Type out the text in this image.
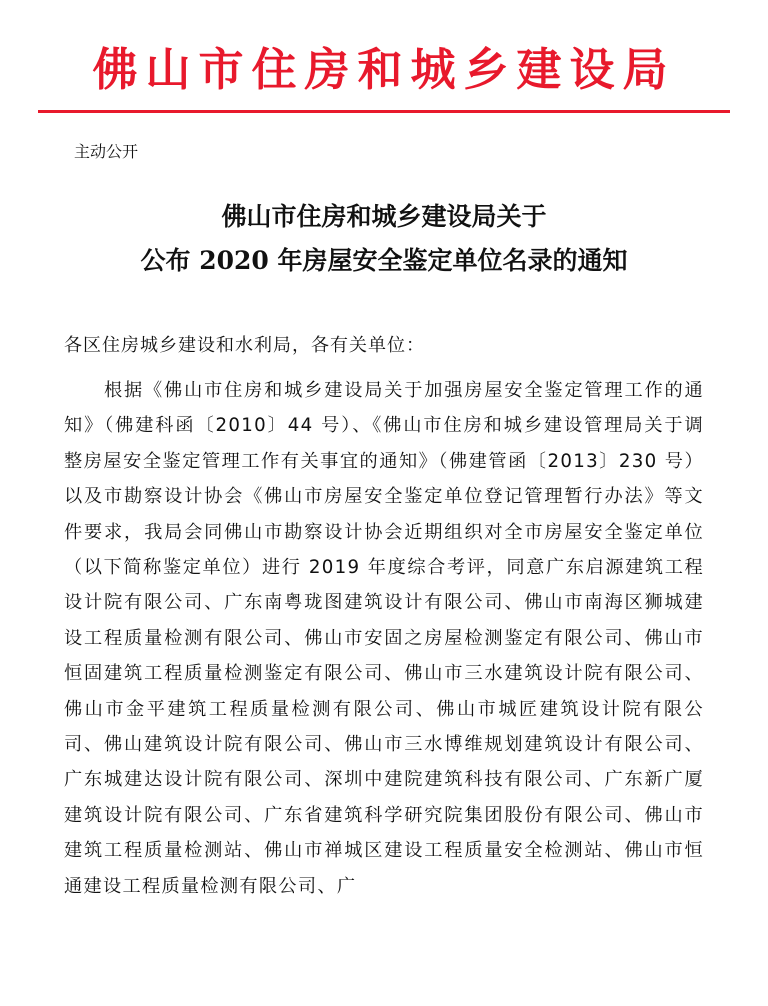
佛山市住房和城乡建设局
主动公开
佛山市住房和城乡建设局关于
公布 2020 年房屋安全鉴定单位名录的通知
各区住房城乡建设和水利局，各有关单位：

根据《佛山市住房和城乡建设局关于加强房屋安全鉴定管理工作的通知》（佛建科函〔2010〕44 号）、《佛山市住房和城乡建设管理局关于调整房屋安全鉴定管理工作有关事宜的通知》（佛建管函〔2013〕230 号）以及市勘察设计协会《佛山市房屋安全鉴定单位登记管理暂行办法》等文件要求，我局会同佛山市勘察设计协会近期组织对全市房屋安全鉴定单位（以下简称鉴定单位）进行 2019 年度综合考评，同意广东启源建筑工程设计院有限公司、广东南粤珑图建筑设计有限公司、佛山市南海区狮城建设工程质量检测有限公司、佛山市安固之房屋检测鉴定有限公司、佛山市恒固建筑工程质量检测鉴定有限公司、佛山市三水建筑设计院有限公司、佛山市金平建筑工程质量检测有限公司、佛山市城匠建筑设计院有限公司、佛山建筑设计院有限公司、佛山市三水博维规划建筑设计有限公司、广东城建达设计院有限公司、深圳中建院建筑科技有限公司、广东新广厦建筑设计院有限公司、广东省建筑科学研究院集团股份有限公司、佛山市建筑工程质量检测站、佛山市禅城区建设工程质量安全检测站、佛山市恒通建设工程质量检测有限公司、广
